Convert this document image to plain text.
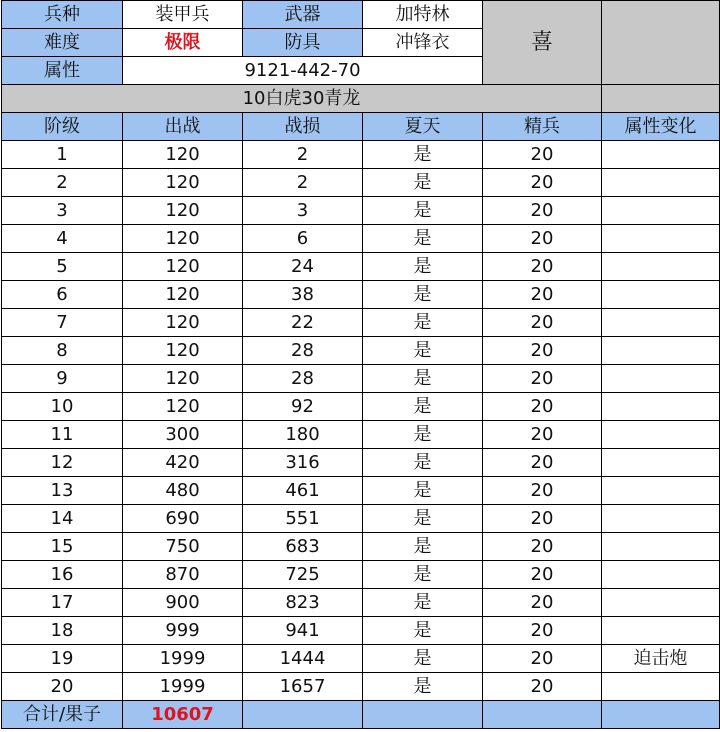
兵种	装甲兵	武器	加特林	喜	
难度	极限	防具	冲锋衣		
属性	9121-442-70				
10白虎30青龙					
阶级	出战	战损	夏天	精兵	属性变化
1	120	2	是	20	
2	120	2	是	20	
3	120	3	是	20	
4	120	6	是	20	
5	120	24	是	20	
6	120	38	是	20	
7	120	22	是	20	
8	120	28	是	20	
9	120	28	是	20	
10	120	92	是	20	
11	300	180	是	20	
12	420	316	是	20	
13	480	461	是	20	
14	690	551	是	20	
15	750	683	是	20	
16	870	725	是	20	
17	900	823	是	20	
18	999	941	是	20	
19	1999	1444	是	20	迫击炮
20	1999	1657	是	20	
合计/果子	10607				
